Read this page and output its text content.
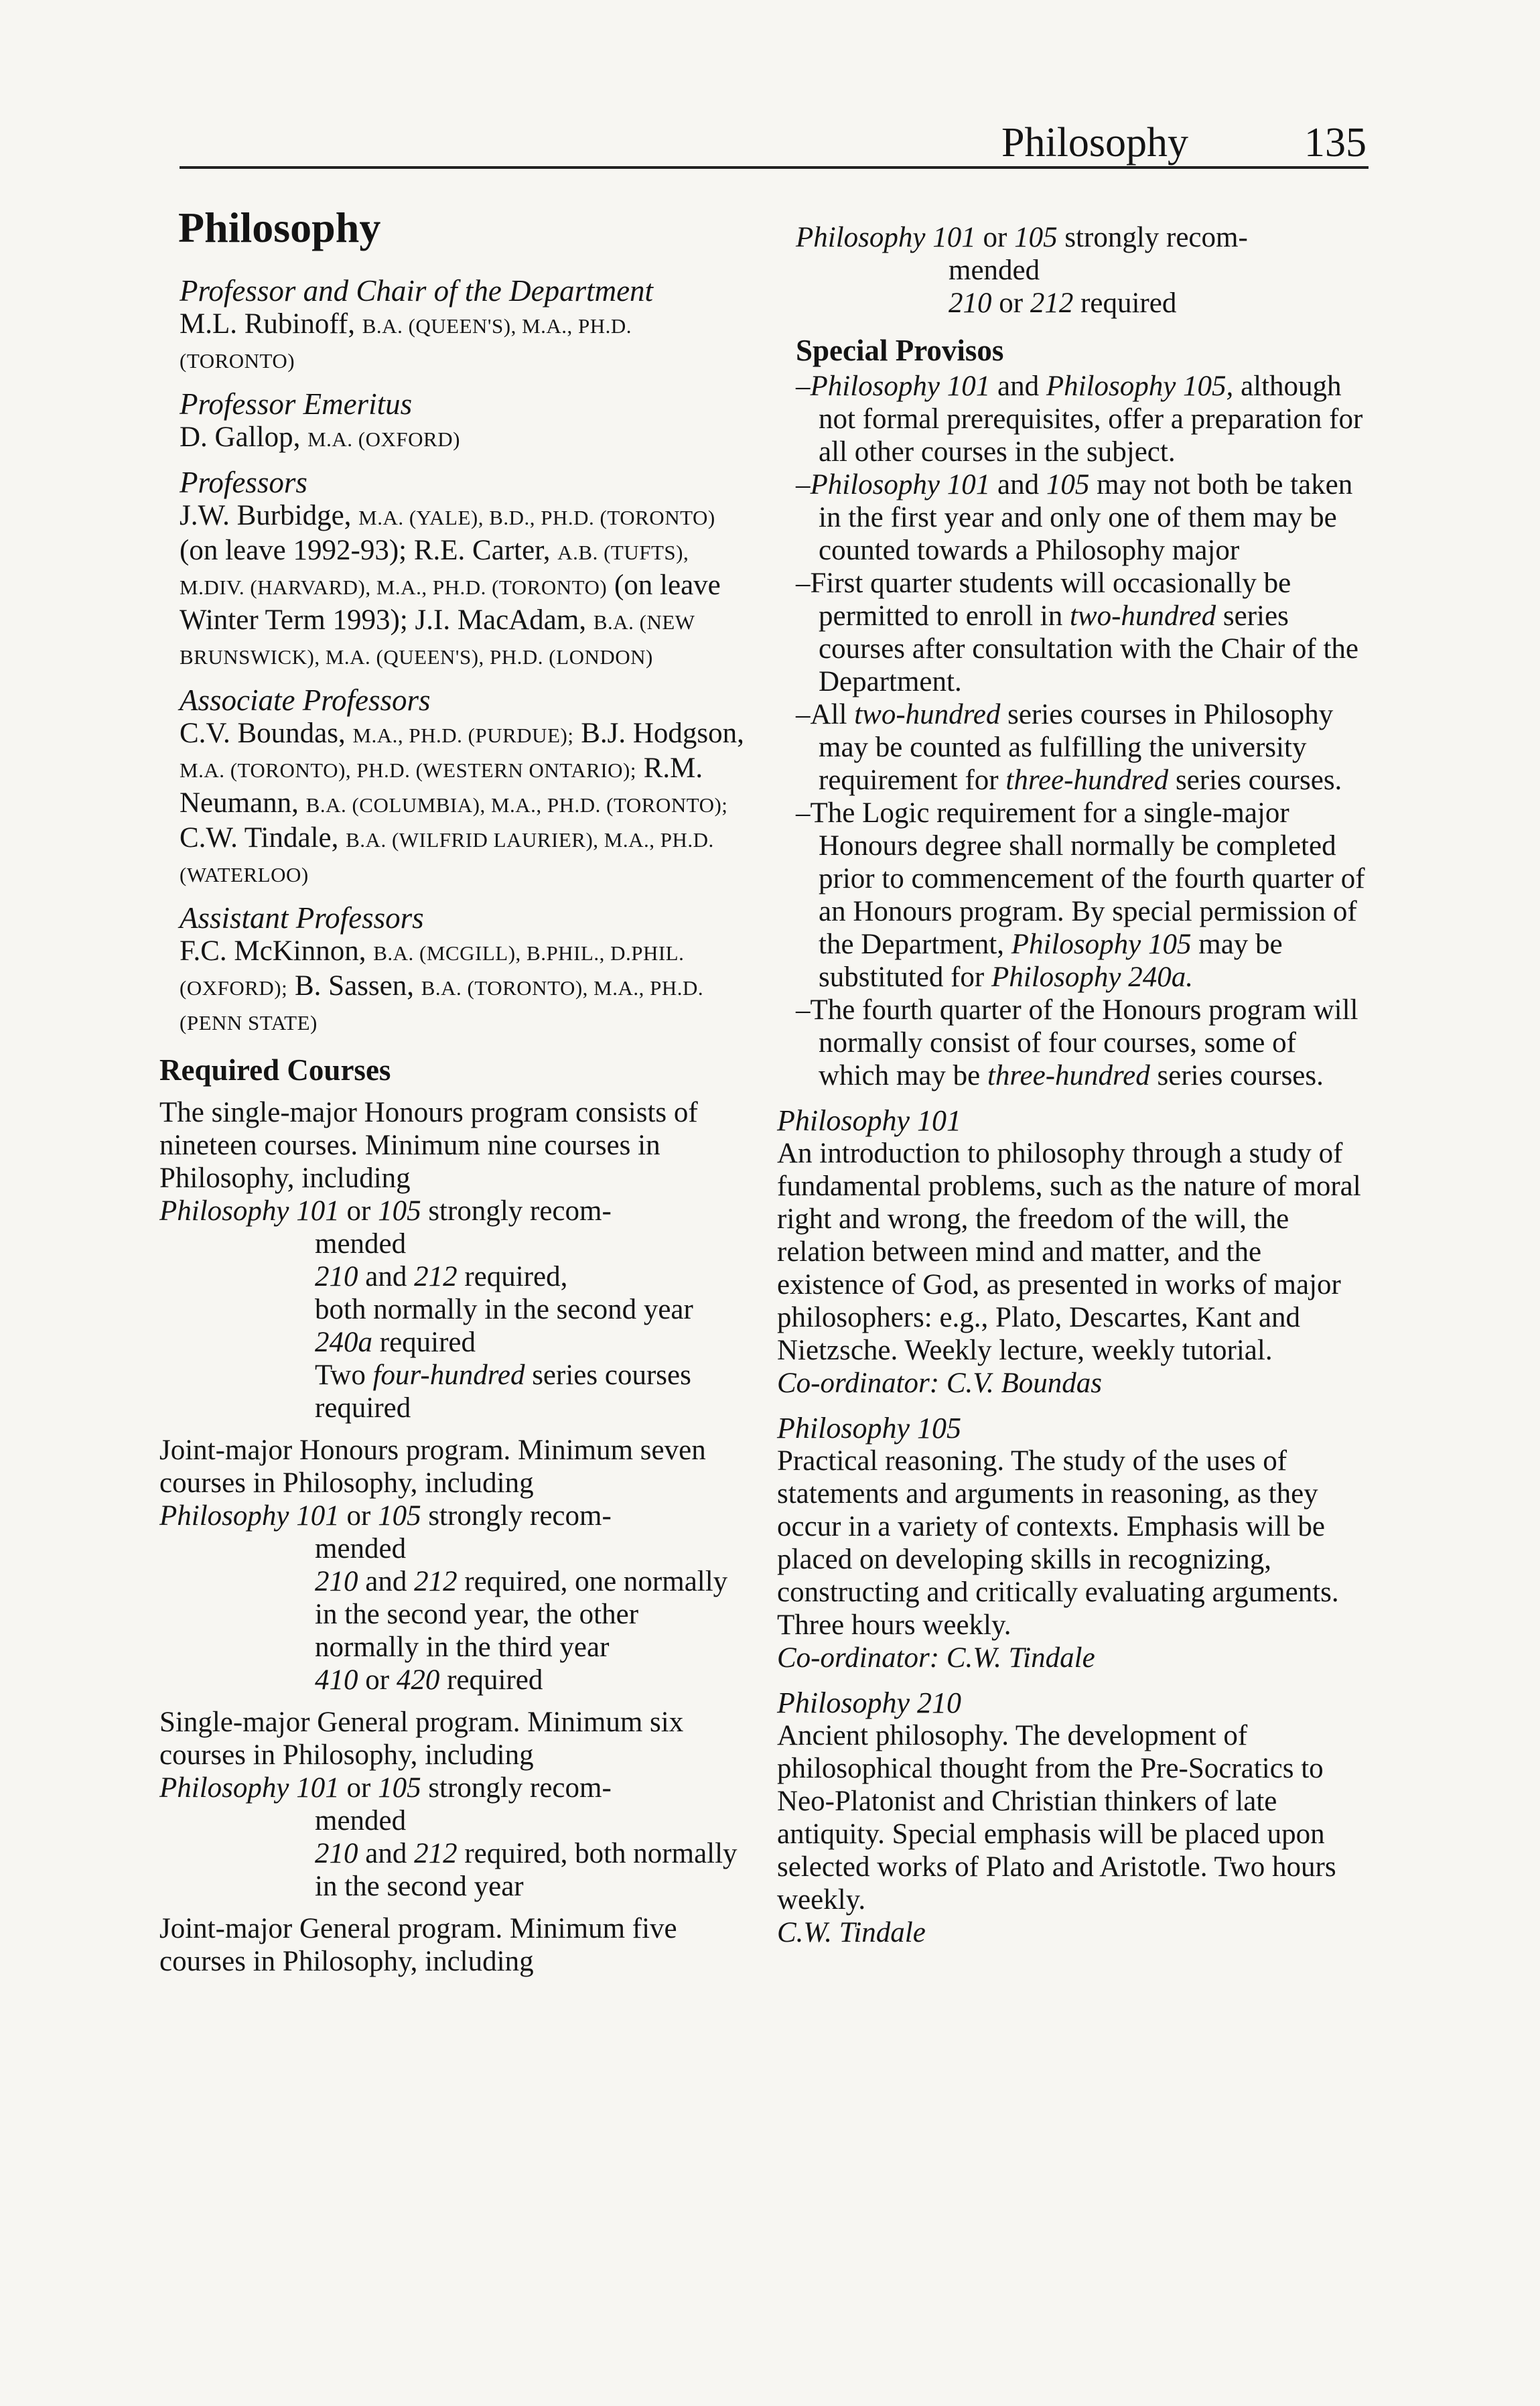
Philosophy	135

Philosophy

Professor and Chair of the Department

M.L. Rubinoff, B.A. (QUEEN'S), M.A., PH.D. (TORONTO)

Professor Emeritus

D. Gallop, M.A. (OXFORD)

Professors

J.W. Burbidge, M.A. (YALE), B.D., PH.D. (TORONTO) (on leave 1992-93); R.E. Carter, A.B. (TUFTS), M.DIV. (HARVARD), M.A., PH.D. (TORONTO) (on leave Winter Term 1993); J.I. MacAdam, B.A. (NEW BRUNSWICK), M.A. (QUEEN'S), PH.D. (LONDON)

Associate Professors

C.V. Boundas, M.A., PH.D. (PURDUE); B.J. Hodgson, M.A. (TORONTO), PH.D. (WESTERN ONTARIO); R.M. Neumann, B.A. (COLUMBIA), M.A., PH.D. (TORONTO); C.W. Tindale, B.A. (WILFRID LAURIER), M.A., PH.D. (WATERLOO)

Assistant Professors

F.C. McKinnon, B.A. (MCGILL), B.PHIL., D.PHIL. (OXFORD); B. Sassen, B.A. (TORONTO), M.A., PH.D. (PENN STATE)

Required Courses

The single-major Honours program consists of nineteen courses. Minimum nine courses in Philosophy, including

Philosophy 101 or 105 strongly recom-

mended

210 and 212 required,

both normally in the second year

240a required

Two four-hundred series courses required

Joint-major Honours program. Minimum seven courses in Philosophy, including

Philosophy 101 or 105 strongly recom-

mended

210 and 212 required, one normally in the second year, the other normally in the third year

410 or 420 required

Single-major General program. Minimum six courses in Philosophy, including

Philosophy 101 or 105 strongly recom-

mended

210 and 212 required, both normally in the second year

Joint-major General program. Minimum five courses in Philosophy, including

Philosophy 101 or 105 strongly recom-

mended

210 or 212 required

Special Provisos

–Philosophy 101 and Philosophy 105, although not formal prerequisites, offer a preparation for all other courses in the subject.

–Philosophy 101 and 105 may not both be taken in the first year and only one of them may be counted towards a Philosophy major

–First quarter students will occasionally be permitted to enroll in two-hundred series courses after consultation with the Chair of the Department.

–All two-hundred series courses in Philosophy may be counted as fulfilling the university requirement for three-hundred series courses.

–The Logic requirement for a single-major Honours degree shall normally be completed prior to commencement of the fourth quarter of an Honours program. By special permission of the Department, Philosophy 105 may be substituted for Philosophy 240a.

–The fourth quarter of the Honours program will normally consist of four courses, some of which may be three-hundred series courses.

Philosophy 101

An introduction to philosophy through a study of fundamental problems, such as the nature of moral right and wrong, the freedom of the will, the relation between mind and matter, and the existence of God, as presented in works of major philosophers: e.g., Plato, Descartes, Kant and Nietzsche. Weekly lecture, weekly tutorial.

Co-ordinator: C.V. Boundas

Philosophy 105

Practical reasoning. The study of the uses of statements and arguments in reasoning, as they occur in a variety of contexts. Emphasis will be placed on developing skills in recognizing, constructing and critically evaluating arguments. Three hours weekly.

Co-ordinator: C.W. Tindale

Philosophy 210

Ancient philosophy. The development of philosophical thought from the Pre-Socratics to Neo-Platonist and Christian thinkers of late antiquity. Special emphasis will be placed upon selected works of Plato and Aristotle. Two hours weekly.

C.W. Tindale
